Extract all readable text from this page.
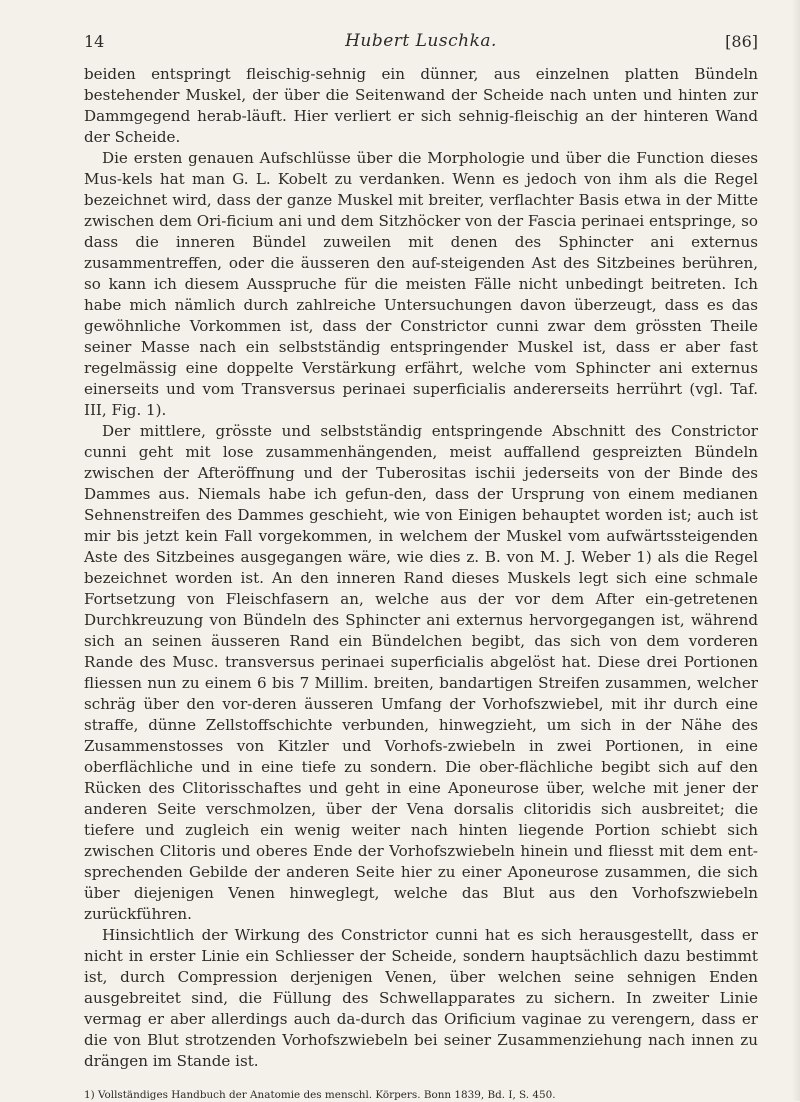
14	Hubert Luschka.	[86]

beiden entspringt fleischig-sehnig ein dünner, aus einzelnen platten Bündeln bestehender Muskel, der über die Seitenwand der Scheide nach unten und hinten zur Dammgegend herab-läuft. Hier verliert er sich sehnig-fleischig an der hinteren Wand der Scheide.

Die ersten genauen Aufschlüsse über die Morphologie und über die Function dieses Mus-kels hat man G. L. Kobelt zu verdanken. Wenn es jedoch von ihm als die Regel bezeichnet wird, dass der ganze Muskel mit breiter, verflachter Basis etwa in der Mitte zwischen dem Ori-ficium ani und dem Sitzhöcker von der Fascia perinaei entspringe, so dass die inneren Bündel zuweilen mit denen des Sphincter ani externus zusammentreffen, oder die äusseren den auf-steigenden Ast des Sitzbeines berühren, so kann ich diesem Ausspruche für die meisten Fälle nicht unbedingt beitreten. Ich habe mich nämlich durch zahlreiche Untersuchungen davon überzeugt, dass es das gewöhnliche Vorkommen ist, dass der Constrictor cunni zwar dem grössten Theile seiner Masse nach ein selbstständig entspringender Muskel ist, dass er aber fast regelmässig eine doppelte Verstärkung erfährt, welche vom Sphincter ani externus einerseits und vom Transversus perinaei superficialis andererseits herrührt (vgl. Taf. III, Fig. 1).

Der mittlere, grösste und selbstständig entspringende Abschnitt des Constrictor cunni geht mit lose zusammenhängenden, meist auffallend gespreizten Bündeln zwischen der Afteröffnung und der Tuberositas ischii jederseits von der Binde des Dammes aus. Niemals habe ich gefun-den, dass der Ursprung von einem medianen Sehnenstreifen des Dammes geschieht, wie von Einigen behauptet worden ist; auch ist mir bis jetzt kein Fall vorgekommen, in welchem der Muskel vom aufwärtssteigenden Aste des Sitzbeines ausgegangen wäre, wie dies z. B. von M. J. Weber 1) als die Regel bezeichnet worden ist. An den inneren Rand dieses Muskels legt sich eine schmale Fortsetzung von Fleischfasern an, welche aus der vor dem After ein-getretenen Durchkreuzung von Bündeln des Sphincter ani externus hervorgegangen ist, während sich an seinen äusseren Rand ein Bündelchen begibt, das sich von dem vorderen Rande des Musc. transversus perinaei superficialis abgelöst hat. Diese drei Portionen fliessen nun zu einem 6 bis 7 Millim. breiten, bandartigen Streifen zusammen, welcher schräg über den vor-deren äusseren Umfang der Vorhofszwiebel, mit ihr durch eine straffe, dünne Zellstoffschichte verbunden, hinwegzieht, um sich in der Nähe des Zusammenstosses von Kitzler und Vorhofs-zwiebeln in zwei Portionen, in eine oberflächliche und in eine tiefe zu sondern. Die ober-flächliche begibt sich auf den Rücken des Clitorisschaftes und geht in eine Aponeurose über, welche mit jener der anderen Seite verschmolzen, über der Vena dorsalis clitoridis sich ausbreitet; die tiefere und zugleich ein wenig weiter nach hinten liegende Portion schiebt sich zwischen Clitoris und oberes Ende der Vorhofszwiebeln hinein und fliesst mit dem ent-sprechenden Gebilde der anderen Seite hier zu einer Aponeurose zusammen, die sich über diejenigen Venen hinweglegt, welche das Blut aus den Vorhofszwiebeln zurückführen.

Hinsichtlich der Wirkung des Constrictor cunni hat es sich herausgestellt, dass er nicht in erster Linie ein Schliesser der Scheide, sondern hauptsächlich dazu bestimmt ist, durch Compression derjenigen Venen, über welchen seine sehnigen Enden ausgebreitet sind, die Füllung des Schwellapparates zu sichern. In zweiter Linie vermag er aber allerdings auch da-durch das Orificium vaginae zu verengern, dass er die von Blut strotzenden Vorhofszwiebeln bei seiner Zusammenziehung nach innen zu drängen im Stande ist.

1) Vollständiges Handbuch der Anatomie des menschl. Körpers. Bonn 1839, Bd. I, S. 450.
